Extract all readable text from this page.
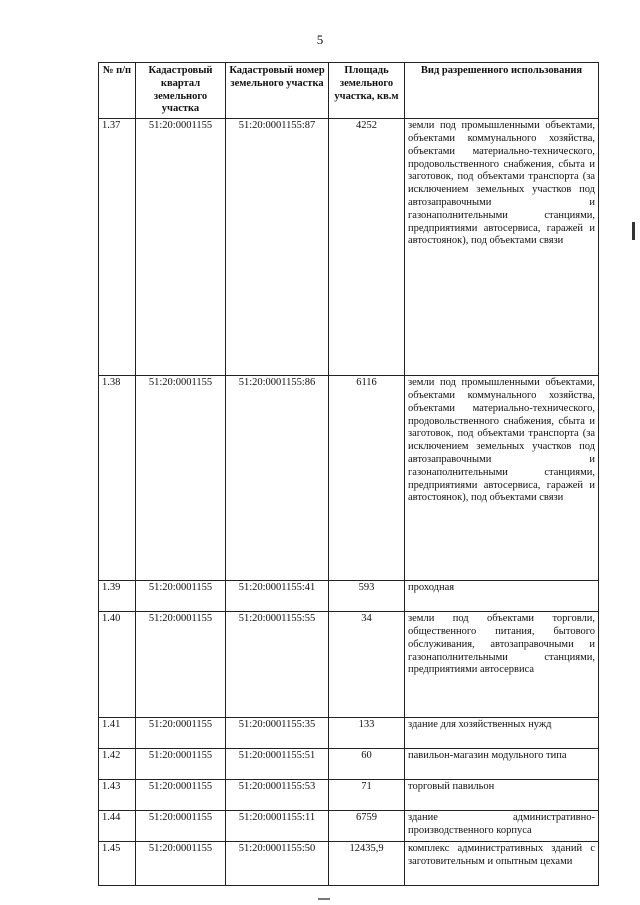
5
№ п/п	Кадастровый квартал земельного участка	Кадастровый номер земельного участка	Площадь земельного участка, кв.м	Вид разрешенного использования
1.37	51:20:0001155	51:20:0001155:87	4252	земли под промышленными объектами, объектами коммунального хозяйства, объектами материально-технического, продовольственного снабжения, сбыта и заготовок, под объектами транспорта (за исключением земельных участков под автозаправочными и газонаполнительными станциями, предприятиями автосервиса, гаражей и автостоянок), под объектами связи
1.38	51:20:0001155	51:20:0001155:86	6116	земли под промышленными объектами, объектами коммунального хозяйства, объектами материально-технического, продовольственного снабжения, сбыта и заготовок, под объектами транспорта (за исключением земельных участков под автозаправочными и газонаполнительными станциями, предприятиями автосервиса, гаражей и автостоянок), под объектами связи
1.39	51:20:0001155	51:20:0001155:41	593	проходная
1.40	51:20:0001155	51:20:0001155:55	34	земли под объектами торговли, общественного питания, бытового обслуживания, автозаправочными и газонаполнительными станциями, предприятиями автосервиса
1.41	51:20:0001155	51:20:0001155:35	133	здание для хозяйственных нужд
1.42	51:20:0001155	51:20:0001155:51	60	павильон-магазин модульного типа
1.43	51:20:0001155	51:20:0001155:53	71	торговый павильон
1.44	51:20:0001155	51:20:0001155:11	6759	здание административно-производственного корпуса
1.45	51:20:0001155	51:20:0001155:50	12435,9	комплекс административных зданий с заготовительным и опытным цехами
